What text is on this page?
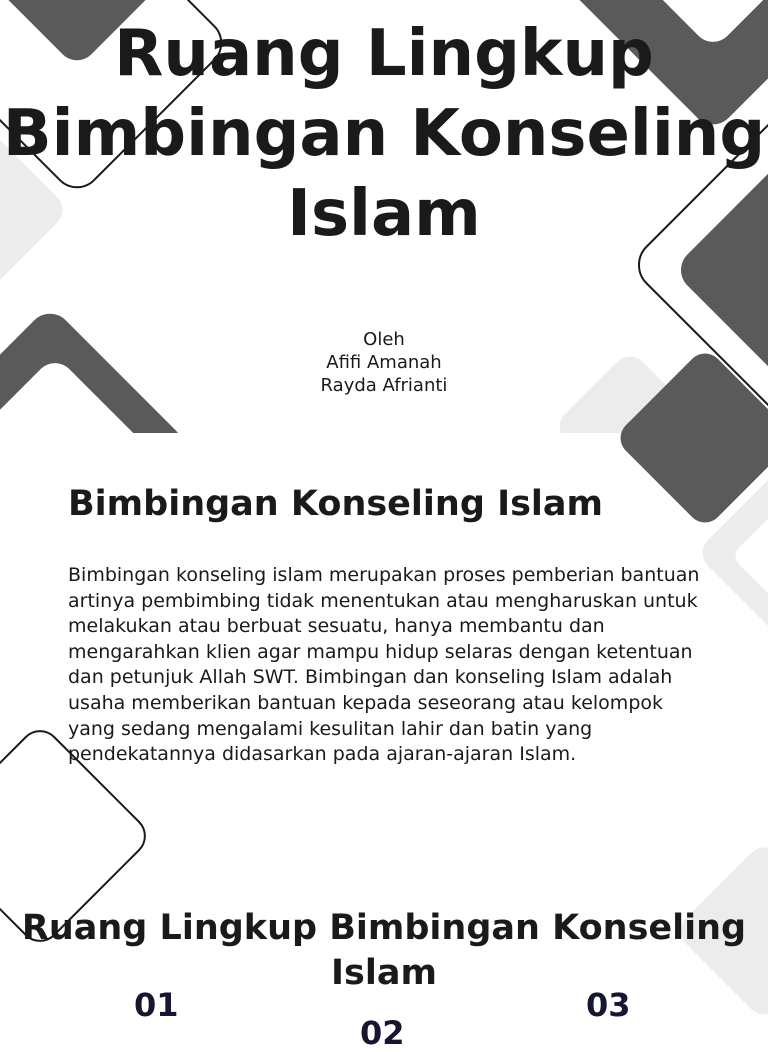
Ruang Lingkup Bimbingan Konseling Islam
Oleh
Afifi Amanah
Rayda Afrianti
Bimbingan Konseling Islam

Bimbingan konseling islam merupakan proses pemberian bantuan artinya pembimbing tidak menentukan atau mengharuskan untuk melakukan atau berbuat sesuatu, hanya membantu dan mengarahkan klien agar mampu hidup selaras dengan ketentuan dan petunjuk Allah SWT. Bimbingan dan konseling Islam adalah usaha memberikan bantuan kepada seseorang atau kelompok yang sedang mengalami kesulitan lahir dan batin yang pendekatannya didasarkan pada ajaran-ajaran Islam.

Ruang Lingkup Bimbingan Konseling Islam
01
02
03
